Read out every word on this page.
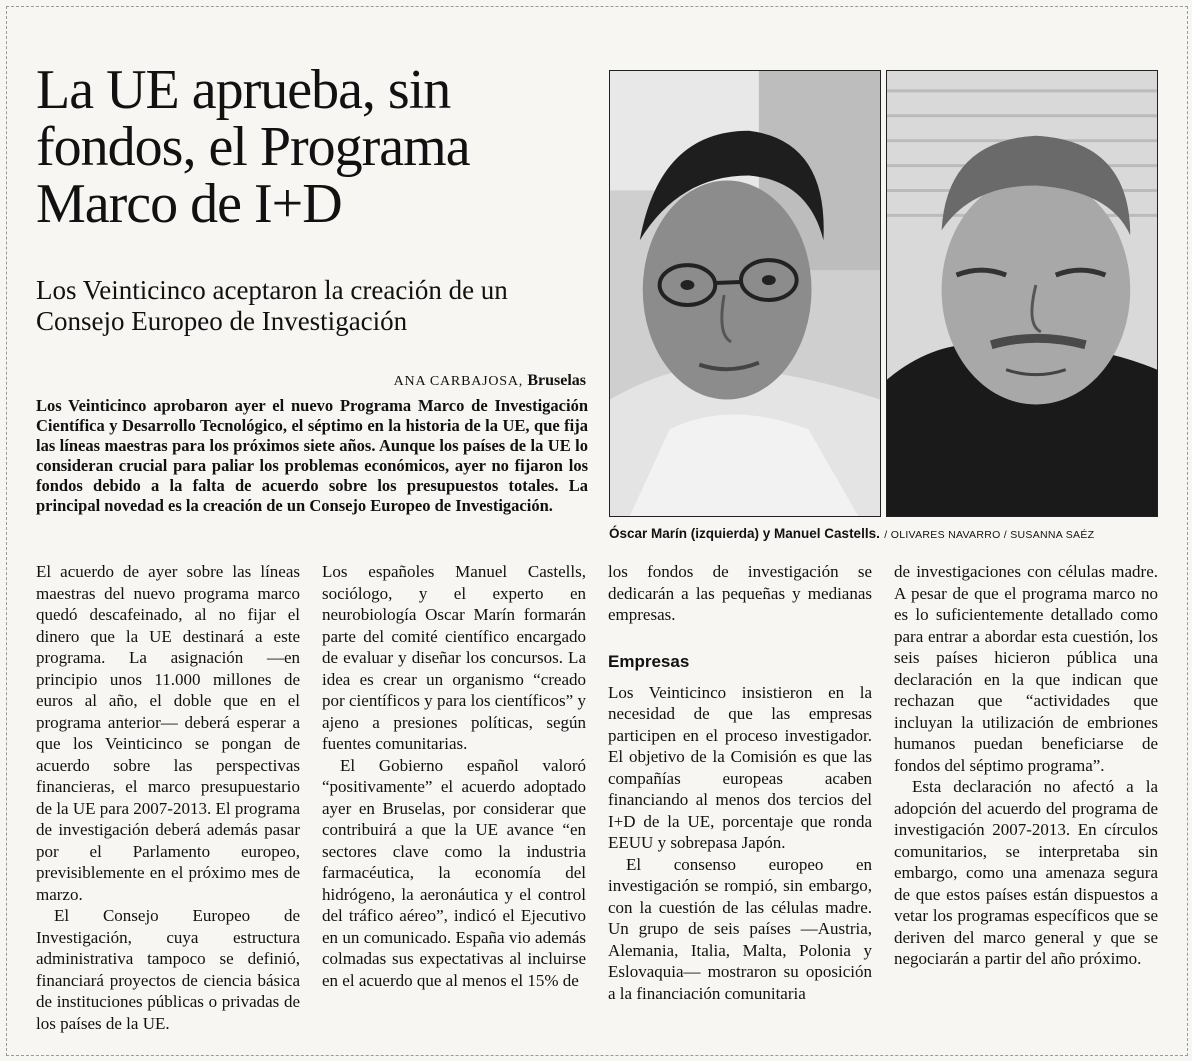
La UE aprueba, sin fondos, el Programa Marco de I+D
Los Veinticinco aceptaron la creación de un Consejo Europeo de Investigación
ANA CARBAJOSA, Bruselas

Los Veinticinco aprobaron ayer el nuevo Programa Marco de Investigación Científica y Desarrollo Tecnológico, el séptimo en la historia de la UE, que fija las líneas maestras para los próximos siete años. Aunque los países de la UE lo consideran crucial para paliar los problemas económicos, ayer no fijaron los fondos debido a la falta de acuerdo sobre los presupuestos totales. La principal novedad es la creación de un Consejo Europeo de Investigación.

Óscar Marín (izquierda) y Manuel Castells. / OLIVARES NAVARRO / SUSANNA SAÉZ

El acuerdo de ayer sobre las líneas maestras del nuevo programa marco quedó descafeinado, al no fijar el dinero que la UE destinará a este programa. La asignación —en principio unos 11.000 millones de euros al año, el doble que en el programa anterior— deberá esperar a que los Veinticinco se pongan de acuerdo sobre las perspectivas financieras, el marco presupuestario de la UE para 2007-2013. El programa de investigación deberá además pasar por el Parlamento europeo, previsiblemente en el próximo mes de marzo.

El Consejo Europeo de Investigación, cuya estructura administrativa tampoco se definió, financiará proyectos de ciencia básica de instituciones públicas o privadas de los países de la UE.

Los españoles Manuel Castells, sociólogo, y el experto en neurobiología Oscar Marín formarán parte del comité científico encargado de evaluar y diseñar los concursos. La idea es crear un organismo “creado por científicos y para los científicos” y ajeno a presiones políticas, según fuentes comunitarias.

El Gobierno español valoró “positivamente” el acuerdo adoptado ayer en Bruselas, por considerar que contribuirá a que la UE avance “en sectores clave como la industria farmacéutica, la economía del hidrógeno, la aeronáutica y el control del tráfico aéreo”, indicó el Ejecutivo en un comunicado. España vio además colmadas sus expectativas al incluirse en el acuerdo que al menos el 15% de

los fondos de investigación se dedicarán a las pequeñas y medianas empresas.

Empresas

Los Veinticinco insistieron en la necesidad de que las empresas participen en el proceso investigador. El objetivo de la Comisión es que las compañías europeas acaben financiando al menos dos tercios del I+D de la UE, porcentaje que ronda EEUU y sobrepasa Japón.

El consenso europeo en investigación se rompió, sin embargo, con la cuestión de las células madre. Un grupo de seis países —Austria, Alemania, Italia, Malta, Polonia y Eslovaquia— mostraron su oposición a la financiación comunitaria

de investigaciones con células madre. A pesar de que el programa marco no es lo suficientemente detallado como para entrar a abordar esta cuestión, los seis países hicieron pública una declaración en la que indican que rechazan que “actividades que incluyan la utilización de embriones humanos puedan beneficiarse de fondos del séptimo programa”.

Esta declaración no afectó a la adopción del acuerdo del programa de investigación 2007-2013. En círculos comunitarios, se interpretaba sin embargo, como una amenaza segura de que estos países están dispuestos a vetar los programas específicos que se deriven del marco general y que se negociarán a partir del año próximo.
